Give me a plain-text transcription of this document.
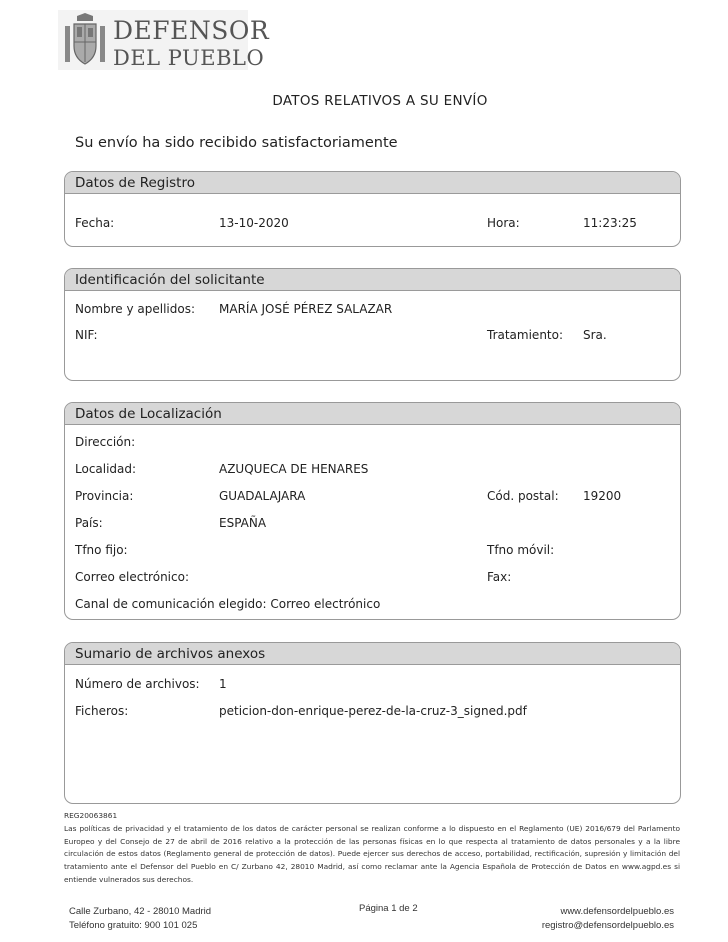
DEFENSOR
DEL PUEBLO
DATOS RELATIVOS A SU ENVÍO
Su envío ha sido recibido satisfactoriamente
Datos de Registro
Fecha:	13-10-2020	Hora:	11:23:25
Identificación del solicitante
Nombre y apellidos: MARÍA JOSÉ PÉREZ SALAZAR
NIF:	Tratamiento: Sra.
Datos de Localización
Dirección:
Localidad:	AZUQUECA DE HENARES
Provincia:	GUADALAJARA	Cód. postal: 19200
País:	ESPAÑA
Tfno fijo:	Tfno móvil:
Correo electrónico:	Fax:
Canal de comunicación elegido: Correo electrónico
Sumario de archivos anexos
Número de archivos: 1
Ficheros:	peticion-don-enrique-perez-de-la-cruz-3_signed.pdf
REG20063861
Las políticas de privacidad y el tratamiento de los datos de carácter personal se realizan conforme a lo dispuesto en el Reglamento (UE) 2016/679 del Parlamento Europeo y del Consejo de 27 de abril de 2016 relativo a la protección de las personas físicas en lo que respecta al tratamiento de datos personales y a la libre circulación de estos datos (Reglamento general de protección de datos). Puede ejercer sus derechos de acceso, portabilidad, rectificación, supresión y limitación del tratamiento ante el Defensor del Pueblo en C/ Zurbano 42, 28010 Madrid, así como reclamar ante la Agencia Española de Protección de Datos en www.agpd.es si entiende vulnerados sus derechos.
Calle Zurbano, 42 - 28010 Madrid
Teléfono gratuito: 900 101 025
Página 1 de 2	www.defensordelpueblo.es
registro@defensordelpueblo.es
